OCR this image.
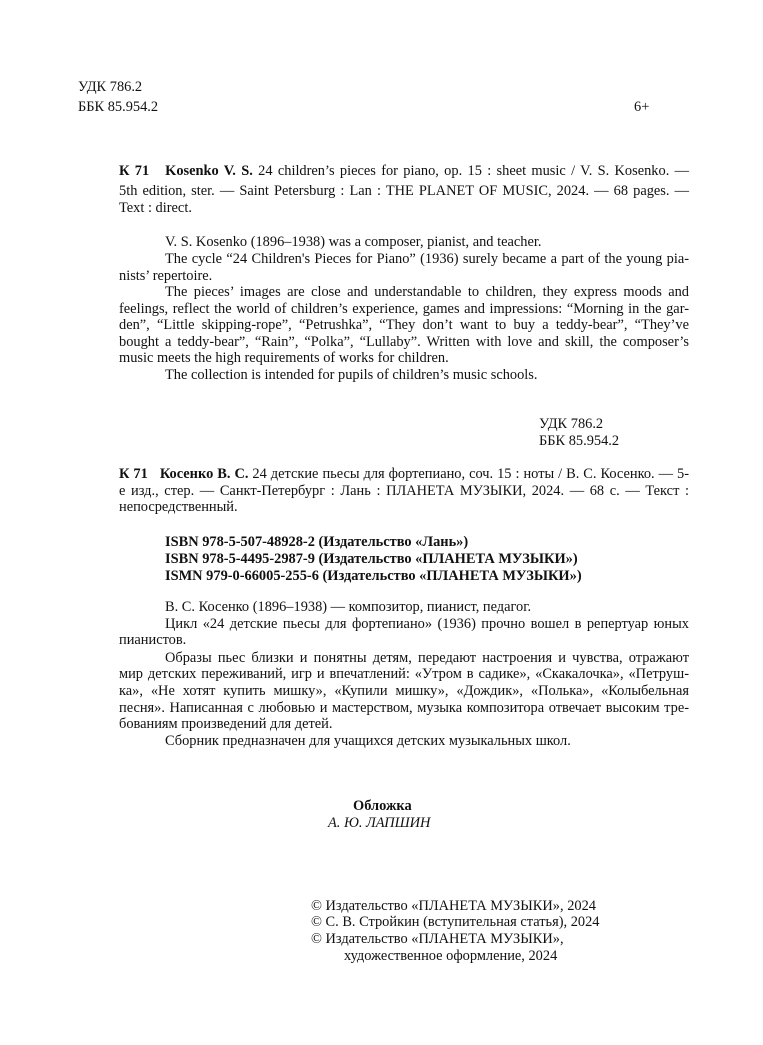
УДК 786.2
ББК 85.954.2	6+
К 71 Kosenko V. S. 24 children’s pieces for piano, op. 15 : sheet music / V. S. Kosenko. —
5th edition, ster. — Saint Petersburg : Lan : THE PLANET OF MUSIC, 2024. — 68 pages. —
Text : direct.
V. S. Kosenko (1896–1938) was a composer, pianist, and teacher.
The cycle “24 Children's Pieces for Piano” (1936) surely became a part of the young pia-
nists’ repertoire.
The pieces’ images are close and understandable to children, they express moods and
feelings, reflect the world of children’s experience, games and impressions: “Morning in the gar-
den”, “Little skipping-rope”, “Petrushka”, “They don’t want to buy a teddy-bear”, “They’ve
bought a teddy-bear”, “Rain”, “Polka”, “Lullaby”. Written with love and skill, the composer’s
music meets the high requirements of works for children.
The collection is intended for pupils of children’s music schools.
УДК 786.2
ББК 85.954.2
К 71 Косенко В. С. 24 детские пьесы для фортепиано, соч. 15 : ноты / В. С. Косенко. — 5-
е изд., стер. — Санкт-Петербург : Лань : ПЛАНЕТА МУЗЫКИ, 2024. — 68 с. — Текст :
непосредственный.
ISBN 978-5-507-48928-2 (Издательство «Лань»)
ISBN 978-5-4495-2987-9 (Издательство «ПЛАНЕТА МУЗЫКИ»)
ISMN 979-0-66005-255-6 (Издательство «ПЛАНЕТА МУЗЫКИ»)
В. С. Косенко (1896–1938) — композитор, пианист, педагог.
Цикл «24 детские пьесы для фортепиано» (1936) прочно вошел в репертуар юных
пианистов.
Образы пьес близки и понятны детям, передают настроения и чувства, отражают
мир детских переживаний, игр и впечатлений: «Утром в садике», «Скакалочка», «Петруш-
ка», «Не хотят купить мишку», «Купили мишку», «Дождик», «Полька», «Колыбельная
песня». Написанная с любовью и мастерством, музыка композитора отвечает высоким тре-
бованиям произведений для детей.
Сборник предназначен для учащихся детских музыкальных школ.
Обложка
А. Ю. ЛАПШИН
© Издательство «ПЛАНЕТА МУЗЫКИ», 2024
© С. В. Стройкин (вступительная статья), 2024
© Издательство «ПЛАНЕТА МУЗЫКИ»,
художественное оформление, 2024
